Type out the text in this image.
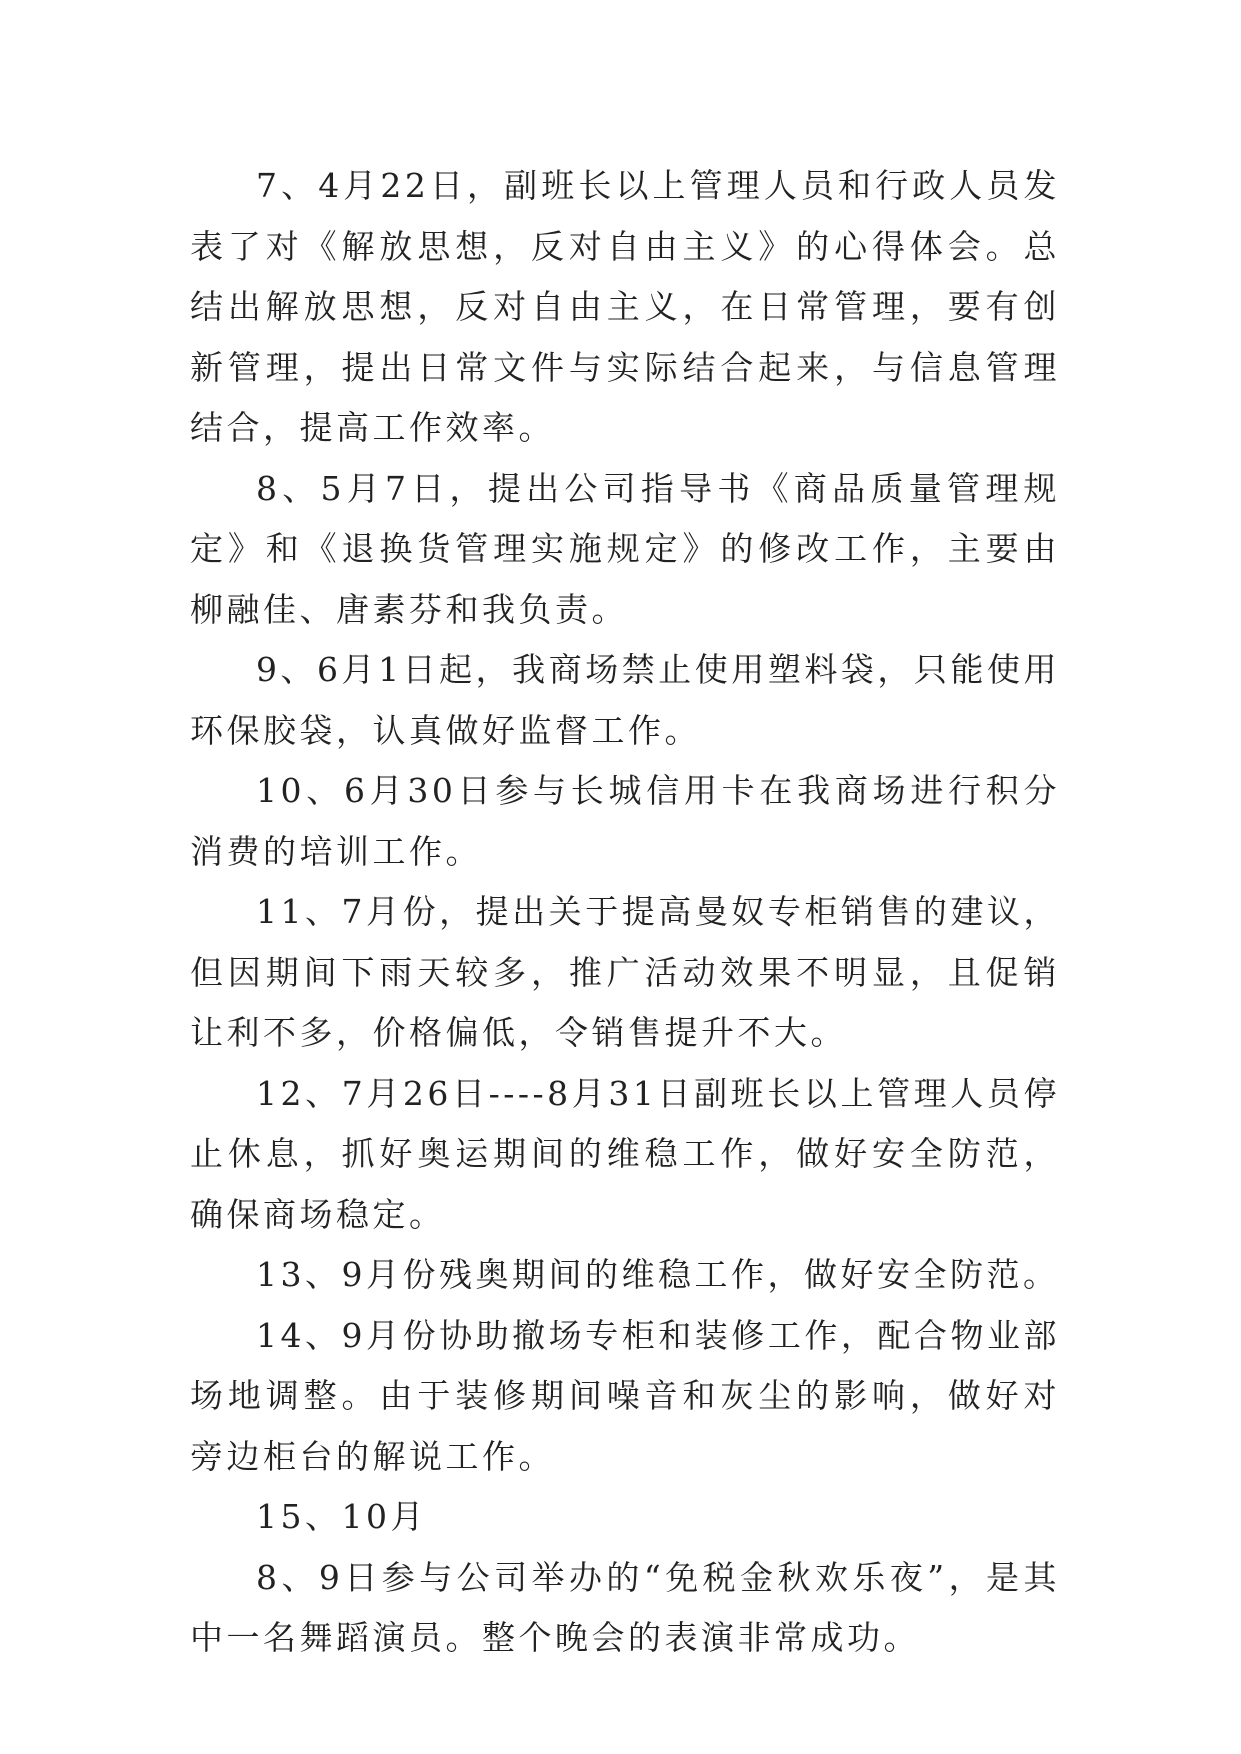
7、4月22日，副班长以上管理人员和行政人员发表了对《解放思想，反对自由主义》的心得体会。总结出解放思想，反对自由主义，在日常管理，要有创新管理，提出日常文件与实际结合起来，与信息管理结合，提高工作效率。

8、5月7日，提出公司指导书《商品质量管理规定》和《退换货管理实施规定》的修改工作，主要由柳融佳、唐素芬和我负责。

9、6月1日起，我商场禁止使用塑料袋，只能使用环保胶袋，认真做好监督工作。

10、6月30日参与长城信用卡在我商场进行积分消费的培训工作。

11、7月份，提出关于提高曼奴专柜销售的建议，但因期间下雨天较多，推广活动效果不明显，且促销让利不多，价格偏低，令销售提升不大。

12、7月26日----8月31日副班长以上管理人员停止休息，抓好奥运期间的维稳工作，做好安全防范，确保商场稳定。

13、9月份残奥期间的维稳工作，做好安全防范。

14、9月份协助撤场专柜和装修工作，配合物业部场地调整。由于装修期间噪音和灰尘的影响，做好对旁边柜台的解说工作。

15、10月

8、9日参与公司举办的“免税金秋欢乐夜”，是其中一名舞蹈演员。整个晚会的表演非常成功。
